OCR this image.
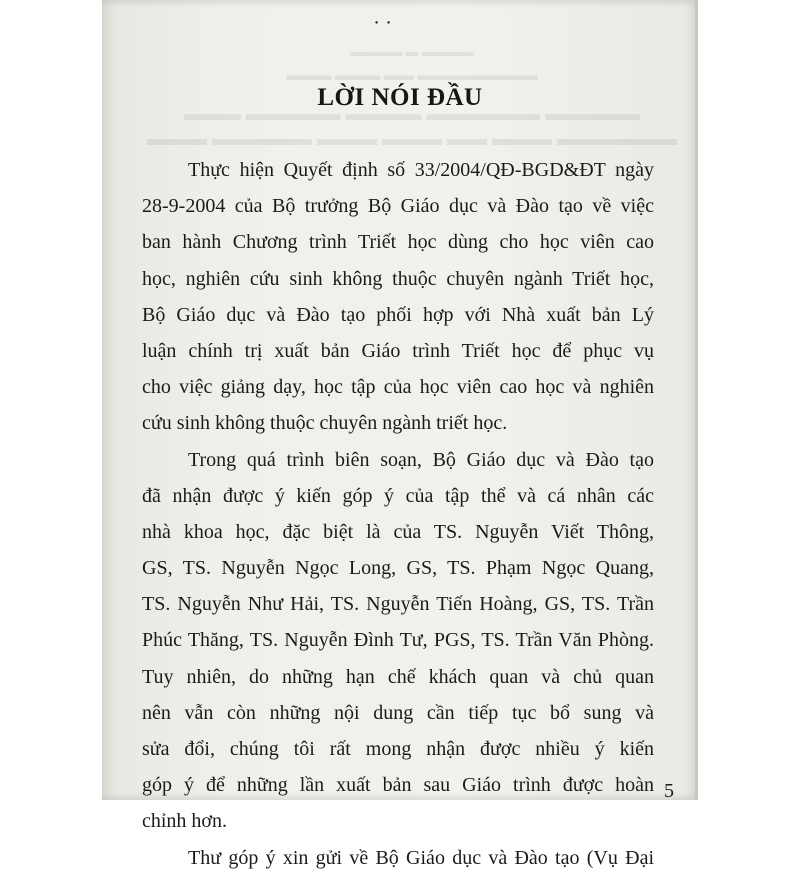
▬▬▬▬ ▬ ▬▬▬▬
▬▬▬▬▬▬▬▬ ▬▬ ▬▬▬ ▬▬▬
▬▬▬▬▬ ▬▬▬▬▬▬ ▬▬▬▬ ▬▬▬▬▬ ▬▬▬
▬▬▬▬▬▬ ▬▬▬ ▬▬ ▬▬▬ ▬▬▬ ▬▬▬▬▬ ▬▬▬
∙ ∙
LỜI NÓI ĐẦU
Thực hiện Quyết định số 33/2004/QĐ-BGD&ĐT ngày
28-9-2004 của Bộ trưởng Bộ Giáo dục và Đào tạo về việc
ban hành Chương trình Triết học dùng cho học viên cao
học, nghiên cứu sinh không thuộc chuyên ngành Triết học,
Bộ Giáo dục và Đào tạo phối hợp với Nhà xuất bản Lý
luận chính trị xuất bản Giáo trình Triết học để phục vụ
cho việc giảng dạy, học tập của học viên cao học và nghiên
cứu sinh không thuộc chuyên ngành triết học.
Trong quá trình biên soạn, Bộ Giáo dục và Đào tạo
đã nhận được ý kiến góp ý của tập thể và cá nhân các
nhà khoa học, đặc biệt là của TS. Nguyễn Viết Thông,
GS, TS. Nguyễn Ngọc Long, GS, TS. Phạm Ngọc Quang,
TS. Nguyễn Như Hải, TS. Nguyễn Tiến Hoàng, GS, TS. Trần
Phúc Thăng, TS. Nguyễn Đình Tư, PGS, TS. Trần Văn Phòng.
Tuy nhiên, do những hạn chế khách quan và chủ quan
nên vẫn còn những nội dung cần tiếp tục bổ sung và
sửa đổi, chúng tôi rất mong nhận được nhiều ý kiến
góp ý để những lần xuất bản sau Giáo trình được hoàn
chỉnh hơn.
Thư góp ý xin gửi về Bộ Giáo dục và Đào tạo (Vụ Đại
5
